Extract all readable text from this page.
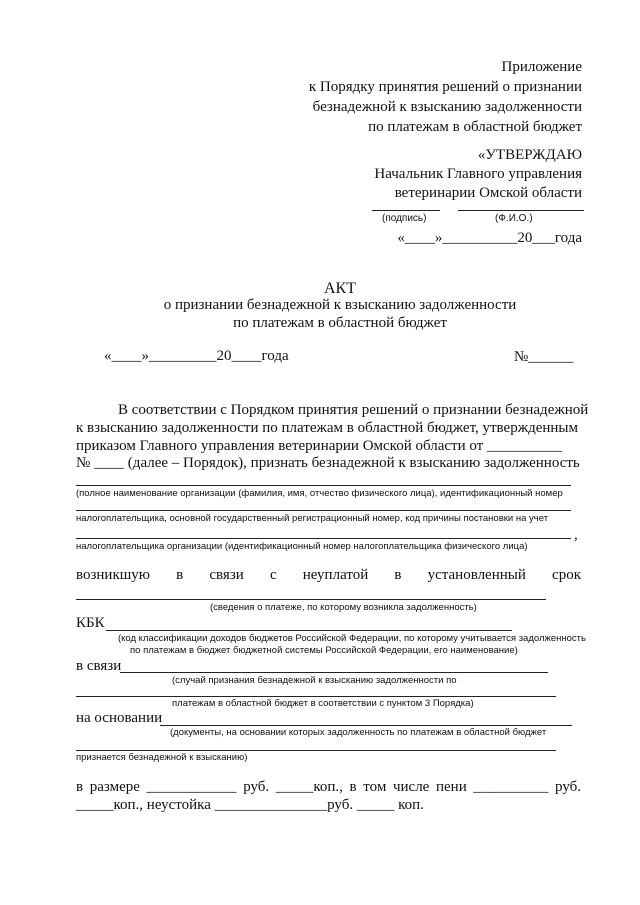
Приложение
к Порядку принятия решений о признании
безнадежной к взысканию задолженности
по платежам в областной бюджет
«УТВЕРЖДАЮ
Начальник Главного управления
ветеринарии Омской области
(подпись)	(Ф.И.О.)
«____»__________20___года
АКТ
о признании безнадежной к взысканию задолженности
по платежам в областной бюджет
«____»_________20____года	№______
В соответствии с Порядком принятия решений о признании безнадежной
к взысканию задолженности по платежам в областной бюджет, утвержденным
приказом Главного управления ветеринарии Омской области от __________
№ ____ (далее – Порядок), признать безнадежной к взысканию задолженность
(полное наименование организации (фамилия, имя, отчество физического лица), идентификационный номер
налогоплательщика, основной государственный регистрационный номер, код причины постановки на учет
,
налогоплательщика организации (идентификационный номер налогоплательщика физического лица)
возникшую в связи с неуплатой в установленный срок
(сведения о платеже, по которому возникла задолженность)
КБК
(код классификации доходов бюджетов Российской Федерации, по которому учитывается задолженность
по платежам в бюджет бюджетной системы Российской Федерации, его наименование)
в связи
(случай признания безнадежной к взысканию задолженности по
платежам в областной бюджет в соответствии с пунктом 3 Порядка)
на основании
(документы, на основании которых задолженность по платежам в областной бюджет
признается безнадежной к взысканию)
в размере ____________ руб. _____коп., в том числе пени __________ руб.
_____коп., неустойка _______________руб. _____ коп.
